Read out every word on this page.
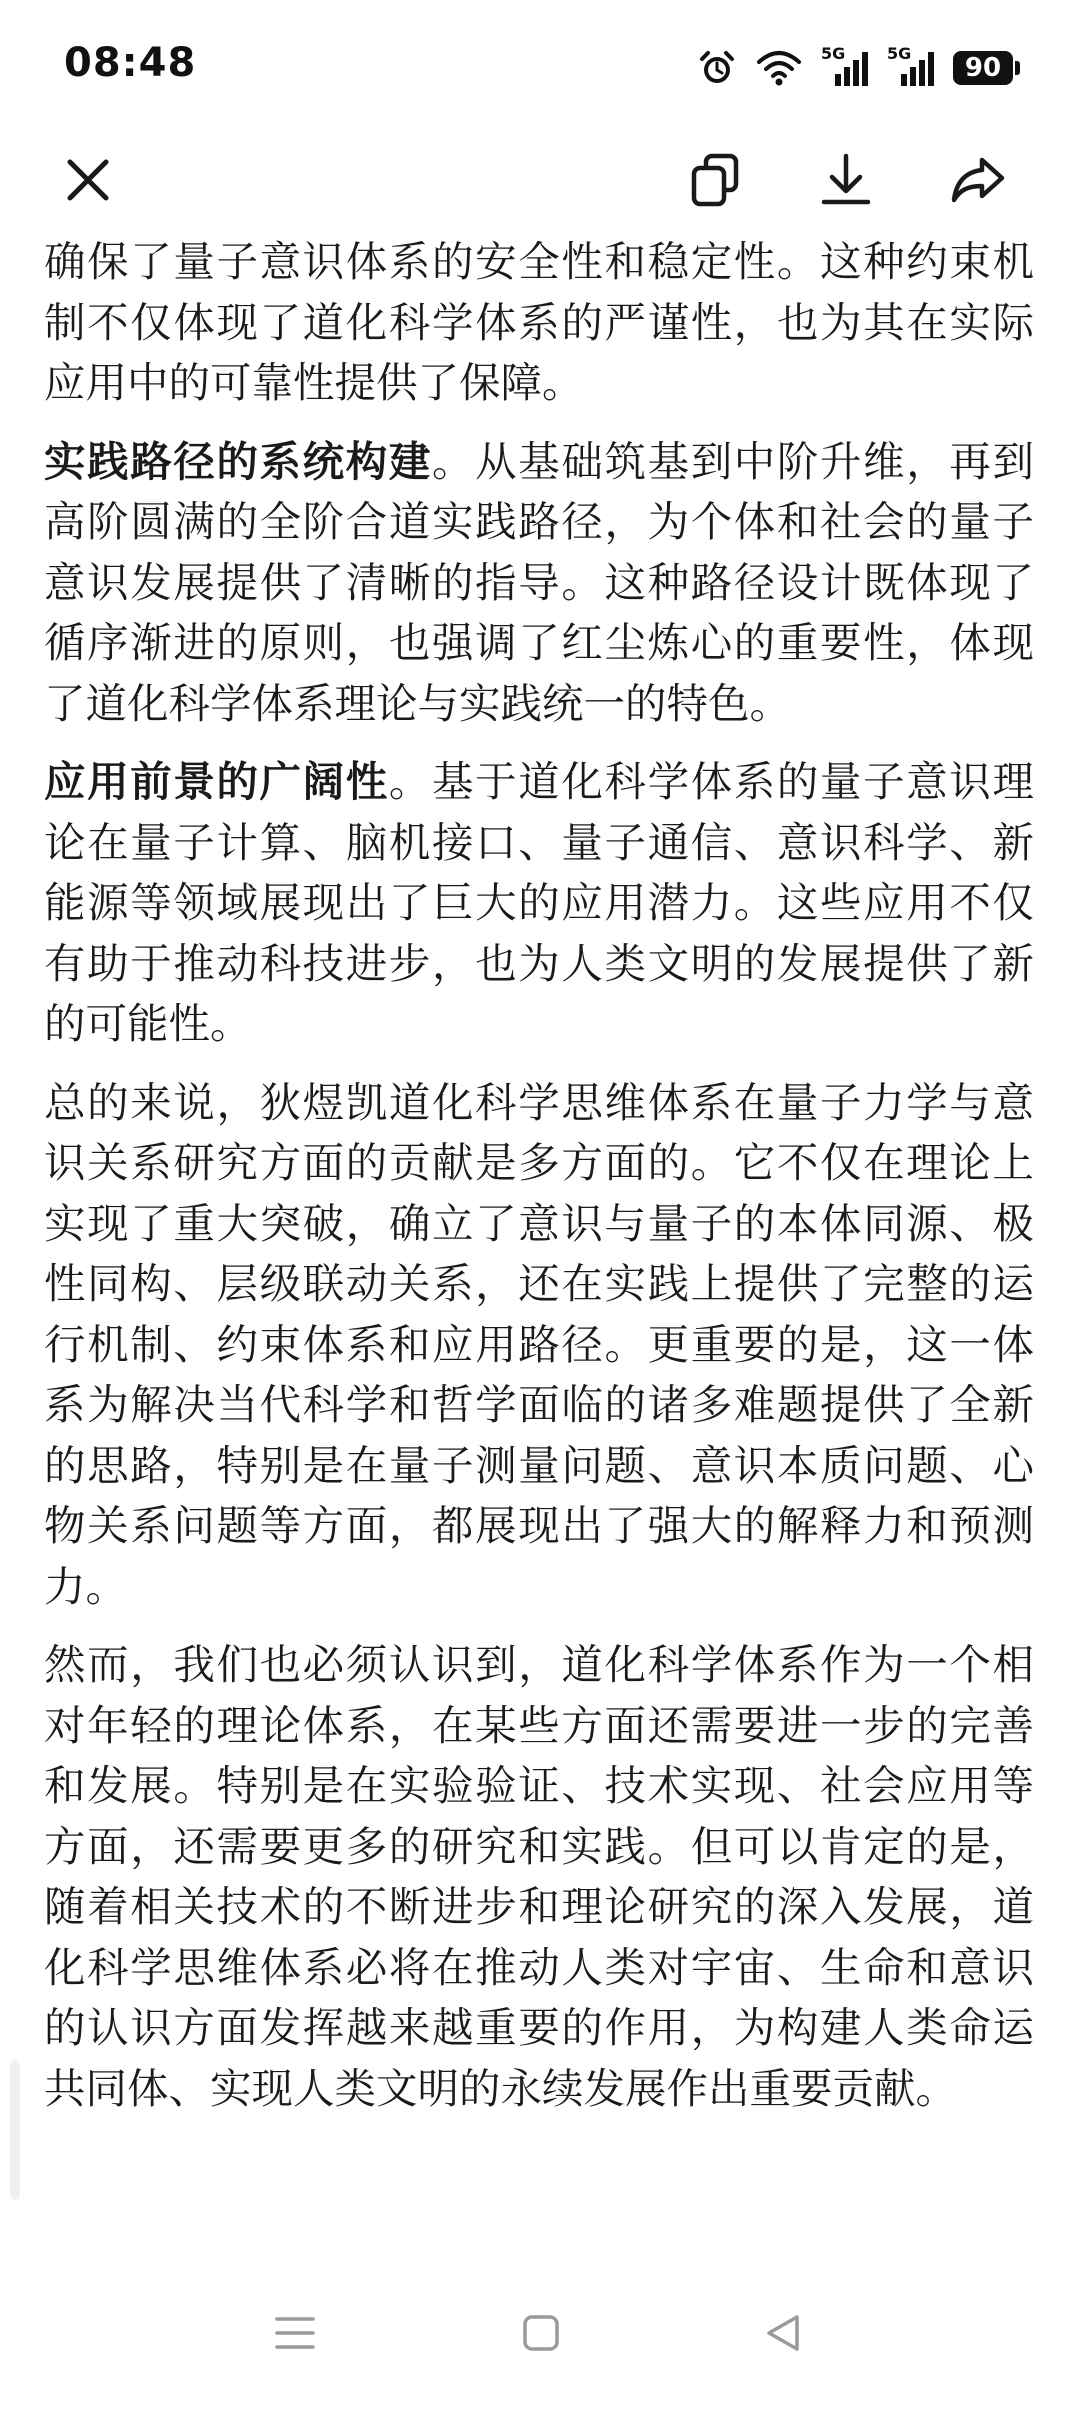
08:48	5G	5G	90

确保了量子意识体系的安全性和稳定性。这种约束机制不仅体现了道化科学体系的严谨性，也为其在实际应用中的可靠性提供了保障。

实践路径的系统构建。从基础筑基到中阶升维，再到高阶圆满的全阶合道实践路径，为个体和社会的量子意识发展提供了清晰的指导。这种路径设计既体现了循序渐进的原则，也强调了红尘炼心的重要性，体现了道化科学体系理论与实践统一的特色。

应用前景的广阔性。基于道化科学体系的量子意识理论在量子计算、脑机接口、量子通信、意识科学、新能源等领域展现出了巨大的应用潜力。这些应用不仅有助于推动科技进步，也为人类文明的发展提供了新的可能性。

总的来说，狄煜凯道化科学思维体系在量子力学与意识关系研究方面的贡献是多方面的。它不仅在理论上实现了重大突破，确立了意识与量子的本体同源、极性同构、层级联动关系，还在实践上提供了完整的运行机制、约束体系和应用路径。更重要的是，这一体系为解决当代科学和哲学面临的诸多难题提供了全新的思路，特别是在量子测量问题、意识本质问题、心物关系问题等方面，都展现出了强大的解释力和预测力。

然而，我们也必须认识到，道化科学体系作为一个相对年轻的理论体系，在某些方面还需要进一步的完善和发展。特别是在实验验证、技术实现、社会应用等方面，还需要更多的研究和实践。但可以肯定的是，随着相关技术的不断进步和理论研究的深入发展，道化科学思维体系必将在推动人类对宇宙、生命和意识的认识方面发挥越来越重要的作用，为构建人类命运共同体、实现人类文明的永续发展作出重要贡献。
